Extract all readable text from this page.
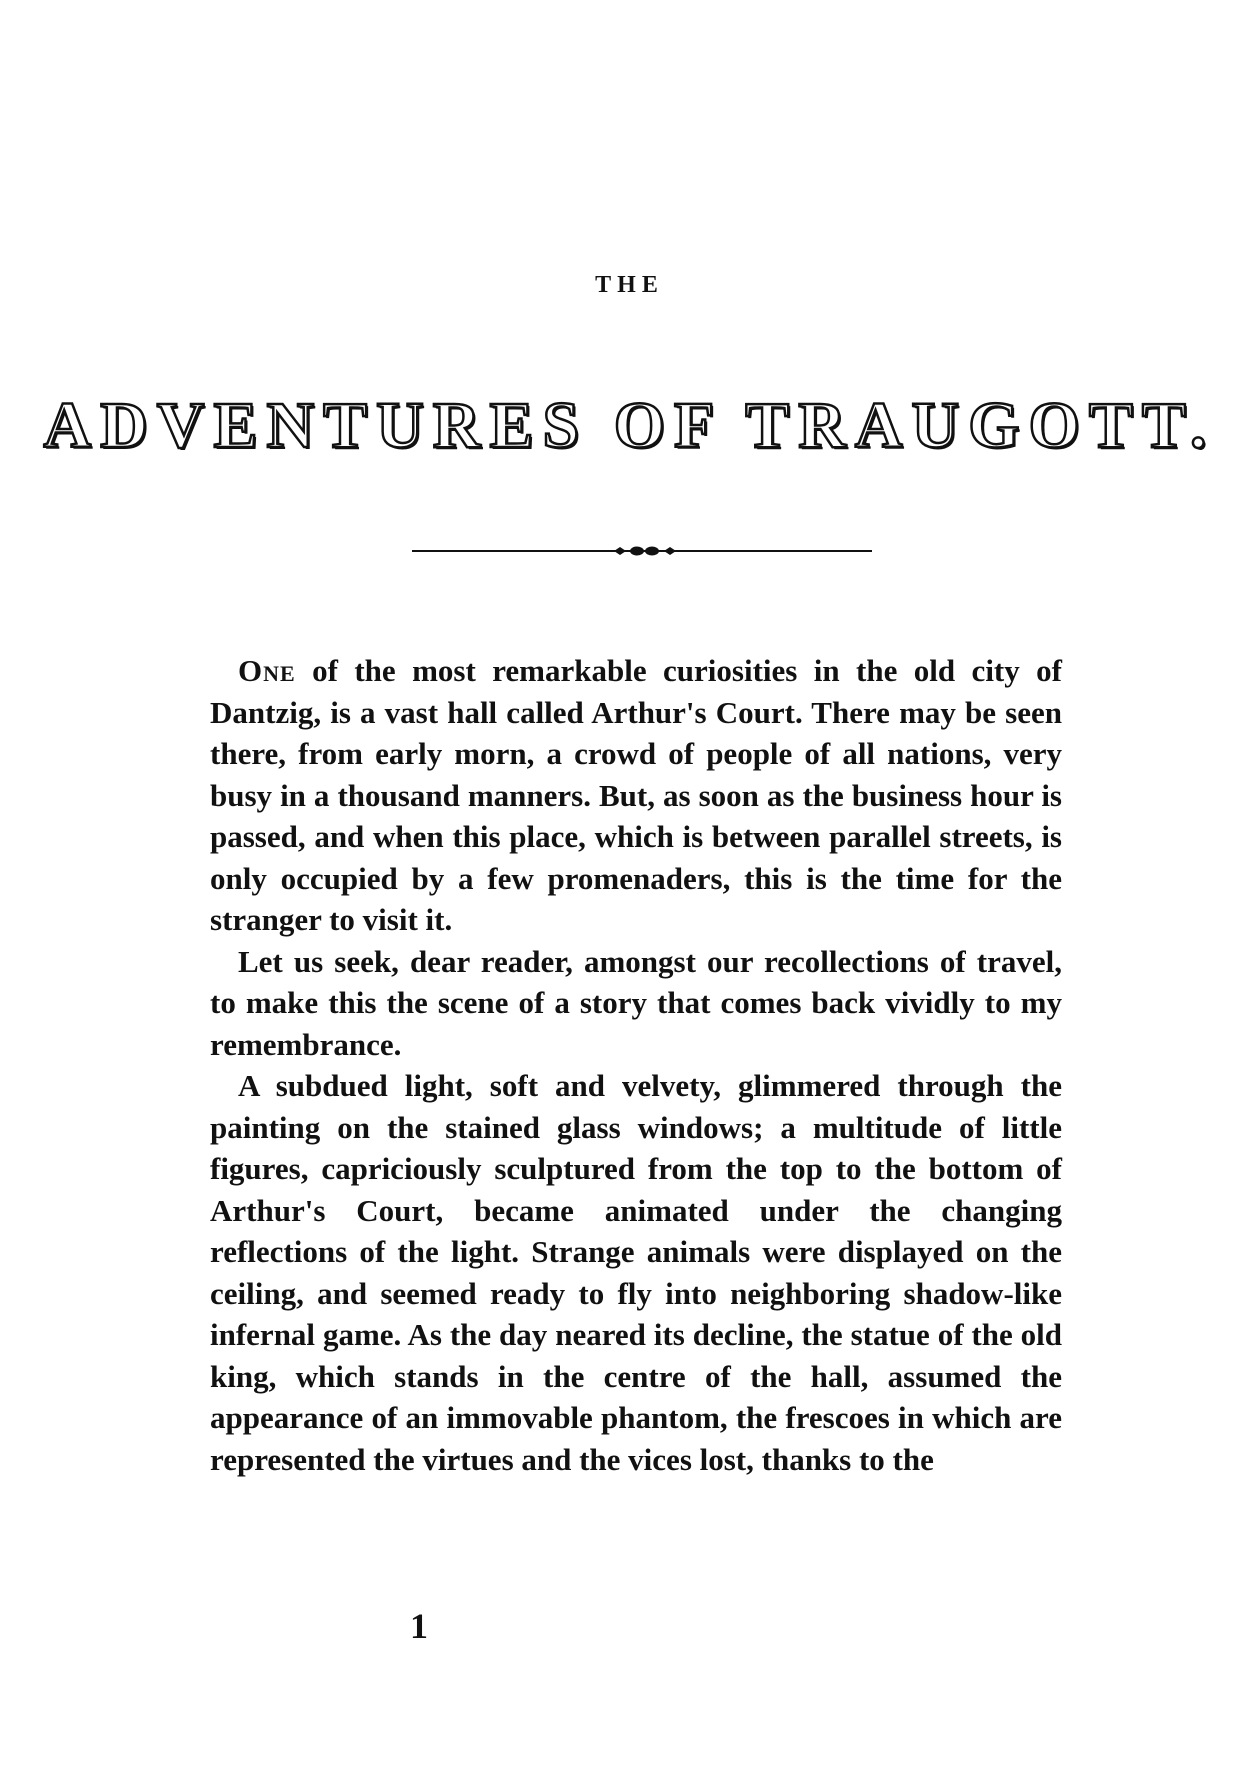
THE
ADVENTURES OF TRAUGOTT.

One of the most remarkable curiosities in the old city of Dantzig, is a vast hall called Arthur's Court. There may be seen there, from early morn, a crowd of people of all nations, very busy in a thousand manners. But, as soon as the business hour is passed, and when this place, which is between parallel streets, is only occupied by a few promenaders, this is the time for the stranger to visit it.

Let us seek, dear reader, amongst our recollections of travel, to make this the scene of a story that comes back vividly to my remembrance.

A subdued light, soft and velvety, glimmered through the painting on the stained glass windows; a multitude of little figures, capriciously sculptured from the top to the bottom of Arthur's Court, became animated under the changing reflections of the light. Strange animals were displayed on the ceiling, and seemed ready to fly into neighboring shadow-like infernal game. As the day neared its decline, the statue of the old king, which stands in the centre of the hall, assumed the appearance of an immovable phantom, the frescoes in which are represented the virtues and the vices lost, thanks to the

1
